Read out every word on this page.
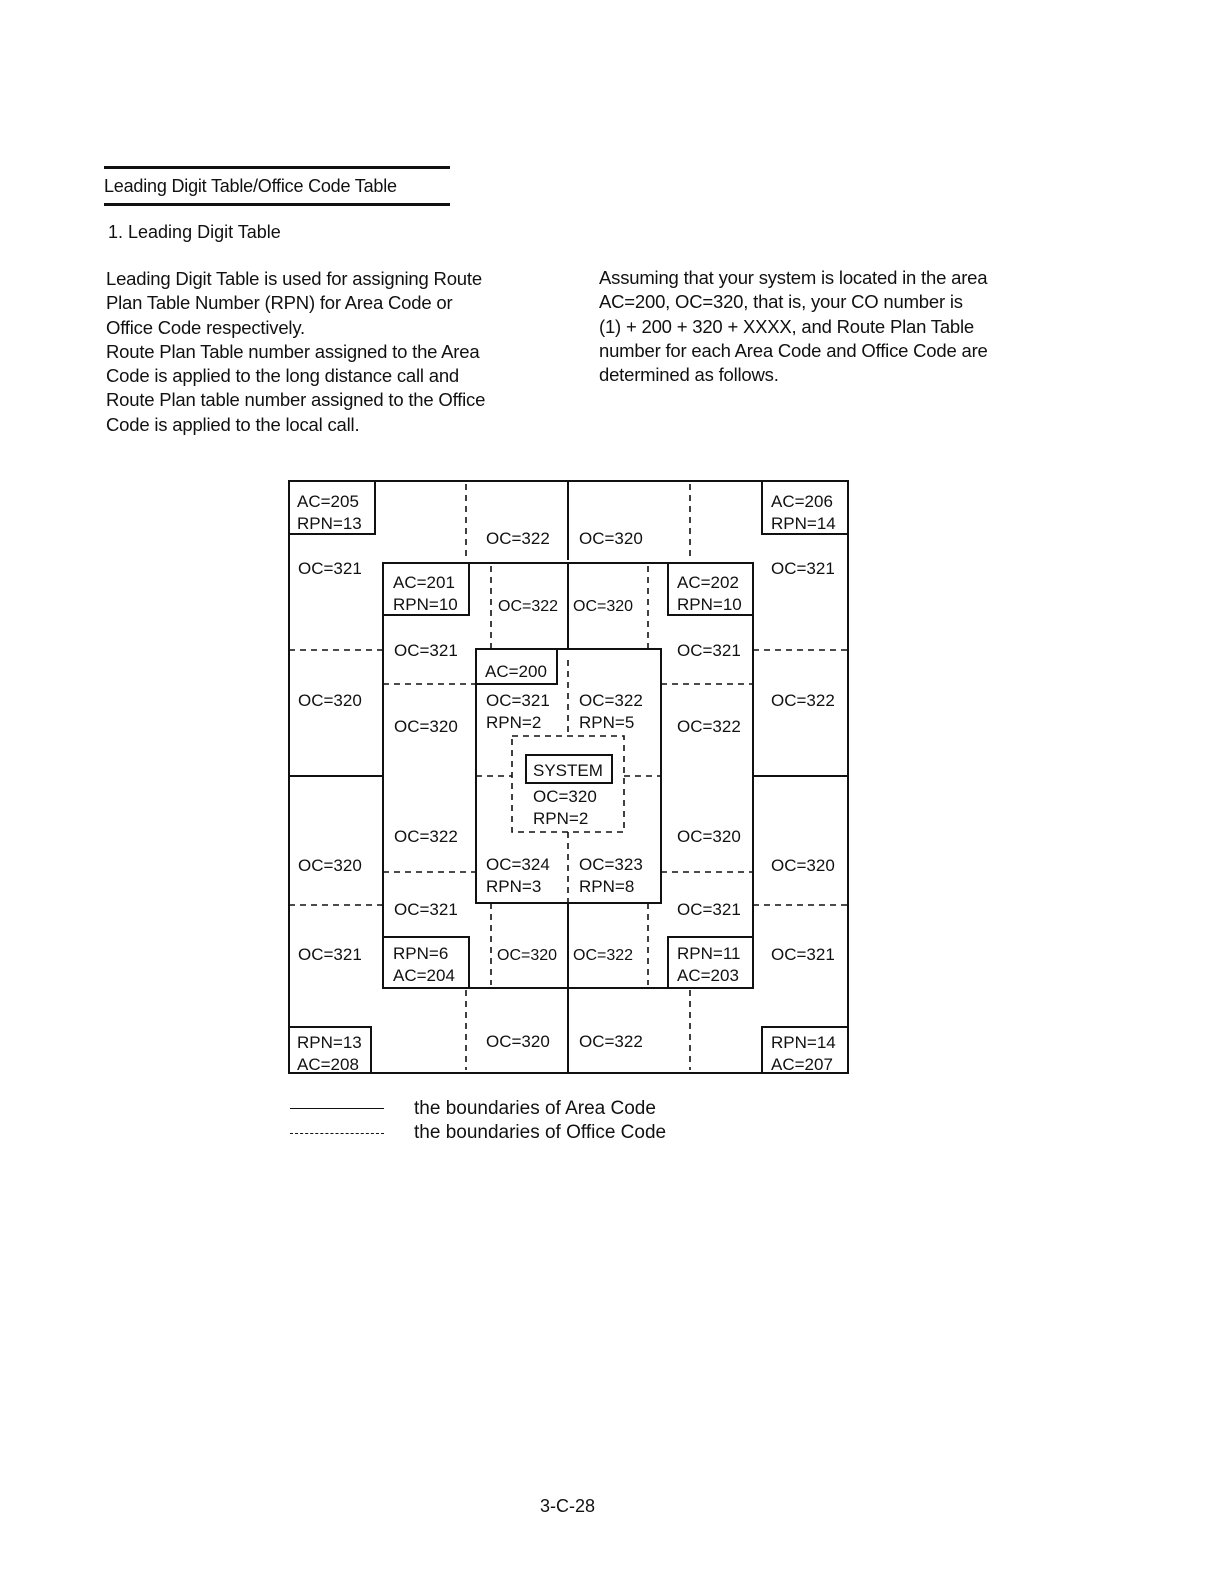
Leading Digit Table/Office Code Table
1. Leading Digit Table
Leading Digit Table is used for assigning Route
Plan Table Number (RPN) for Area Code or
Office Code respectively.
Route Plan Table number assigned to the Area
Code is applied to the long distance call and
Route Plan table number assigned to the Office
Code is applied to the local call.
Assuming that your system is located in the area
AC=200, OC=320, that is, your CO number is
(1) + 200 + 320 + XXXX, and Route Plan Table
number for each Area Code and Office Code are
determined as follows.
AC=205
RPN=13
AC=206
RPN=14
OC=322 OC=320
OC=321	OC=321
AC=201
RPN=10	OC=322 OC=320
AC=202
RPN=10
OC=321	OC=321
AC=200
OC=320	OC=322
OC=321
RPN=2
OC=322
RPN=5
OC=320	OC=322
SYSTEM
OC=320
RPN=2
OC=322	OC=320
OC=320	OC=320
OC=324
RPN=3
OC=323
RPN=8
OC=321	OC=321
OC=321 RPN=6
AC=204
OC=320 OC=322	RPN=11
AC=203
OC=321
RPN=13
AC=208
OC=320 OC=322	RPN=14
AC=207
the boundaries of Area Code
the boundaries of Office Code
3-C-28
